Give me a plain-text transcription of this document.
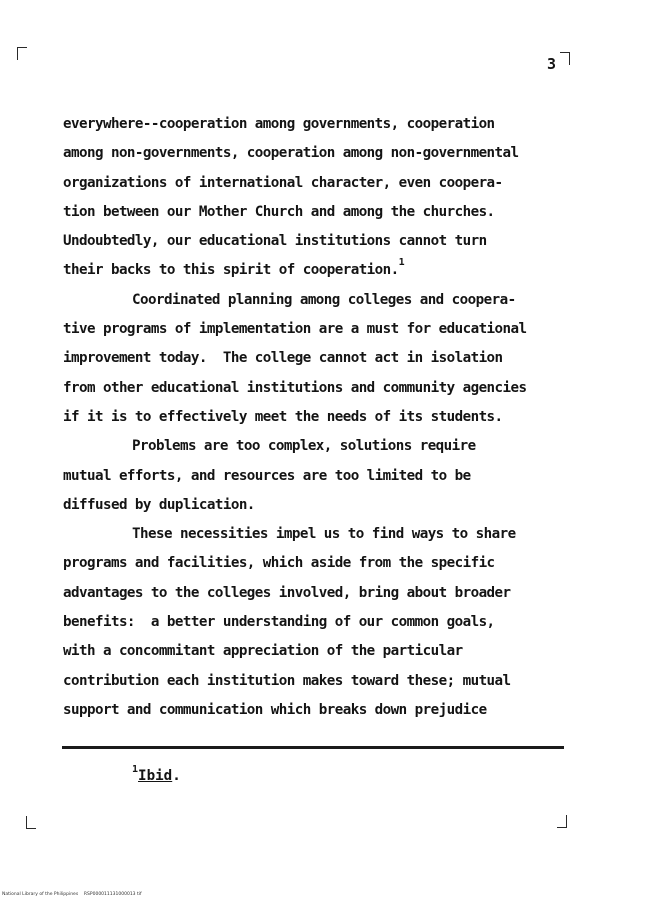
3
everywhere--cooperation among governments, cooperation
among non-governments, cooperation among non-governmental
organizations of international character, even coopera-
tion between our Mother Church and among the churches.
Undoubtedly, our educational institutions cannot turn
their backs to this spirit of cooperation.$^1$
Coordinated planning among colleges and coopera-
tive programs of implementation are a must for educational
improvement today.  The college cannot act in isolation
from other educational institutions and community agencies
if it is to effectively meet the needs of its students.
Problems are too complex, solutions require
mutual efforts, and resources are too limited to be
diffused by duplication.
These necessities impel us to find ways to share
programs and facilities, which aside from the specific
advantages to the colleges involved, bring about broader
benefits:  a better understanding of our common goals,
with a concommitant appreciation of the particular
contribution each institution makes toward these; mutual
support and communication which breaks down prejudice
$^1$Ibid.
National Library of the Philippines    RSP000011131000013 tif
